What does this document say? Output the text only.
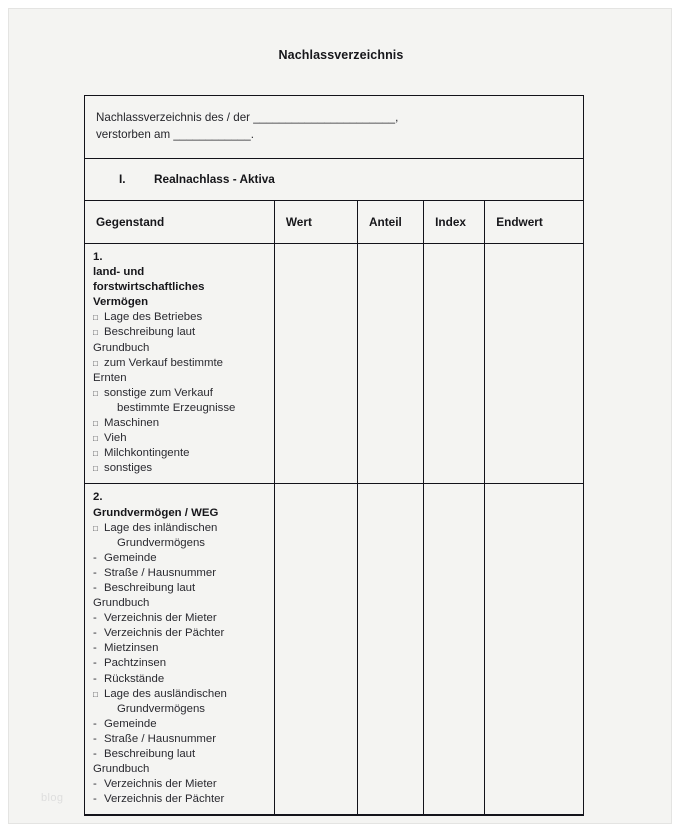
Nachlassverzeichnis
Nachlassverzeichnis des / der ______________________,
verstorben am ____________.
I. Realnachlass - Aktiva
Gegenstand	Wert	Anteil	Index	Endwert

1.
land- und
forstwirtschaftliches
Vermögen
□ Lage des Betriebes
□ Beschreibung laut
Grundbuch
□ zum Verkauf bestimmte
Ernten
□ sonstige zum Verkauf
bestimmte Erzeugnisse
□ Maschinen
□ Vieh
□ Milchkontingente
□ sonstiges

2.
Grundvermögen / WEG
□ Lage des inländischen
Grundvermögens
- Gemeinde
- Straße / Hausnummer
- Beschreibung laut
Grundbuch
- Verzeichnis der Mieter
- Verzeichnis der Pächter
- Mietzinsen
- Pachtzinsen
- Rückstände
□ Lage des ausländischen
Grundvermögens
- Gemeinde
- Straße / Hausnummer
- Beschreibung laut
Grundbuch
- Verzeichnis der Mieter
- Verzeichnis der Pächter

blog
